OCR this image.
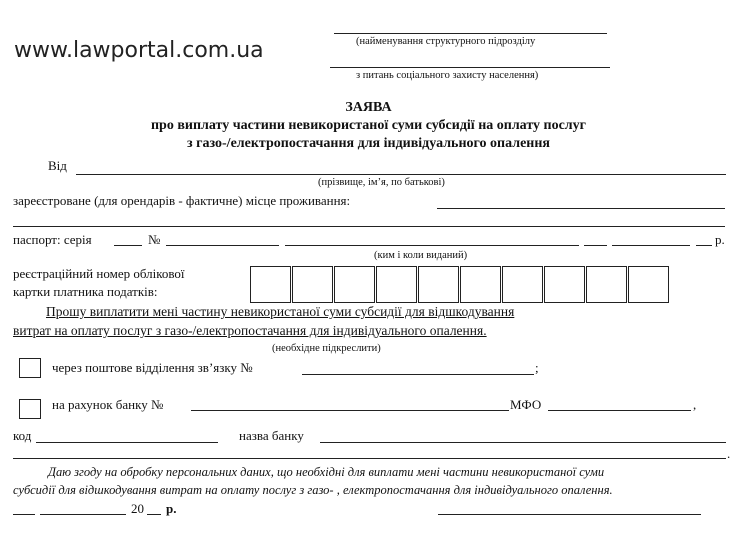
www.lawportal.com.ua	(найменування структурного підрозділу
з питань соціального захисту населення)
ЗАЯВА
про виплату частини невикористаної суми субсидії на оплату послуг
з газо-/електропостачання для індивідуального опалення
Від
(прізвище, ім’я, по батькові)
зареєстроване (для орендарів - фактичне) місце проживання:
паспорт: серія	№	р.
(ким і коли виданий)
реєстраційний номер облікової
картки платника податків:
Прошу виплатити мені частину невикористаної суми субсидії для відшкодування
витрат на оплату послуг з газо-/електропостачання для індивідуального опалення.
(необхідне підкреслити)
через поштове відділення зв’язку №	;
на рахунок банку №	МФО	,
код	назва банку
.
Даю згоду на обробку персональних даних, що необхідні для виплати мені частини невикористаної суми
субсидії для відшкодування витрат на оплату послуг з газо- , електропостачання для індивідуального опалення.
20 р.
